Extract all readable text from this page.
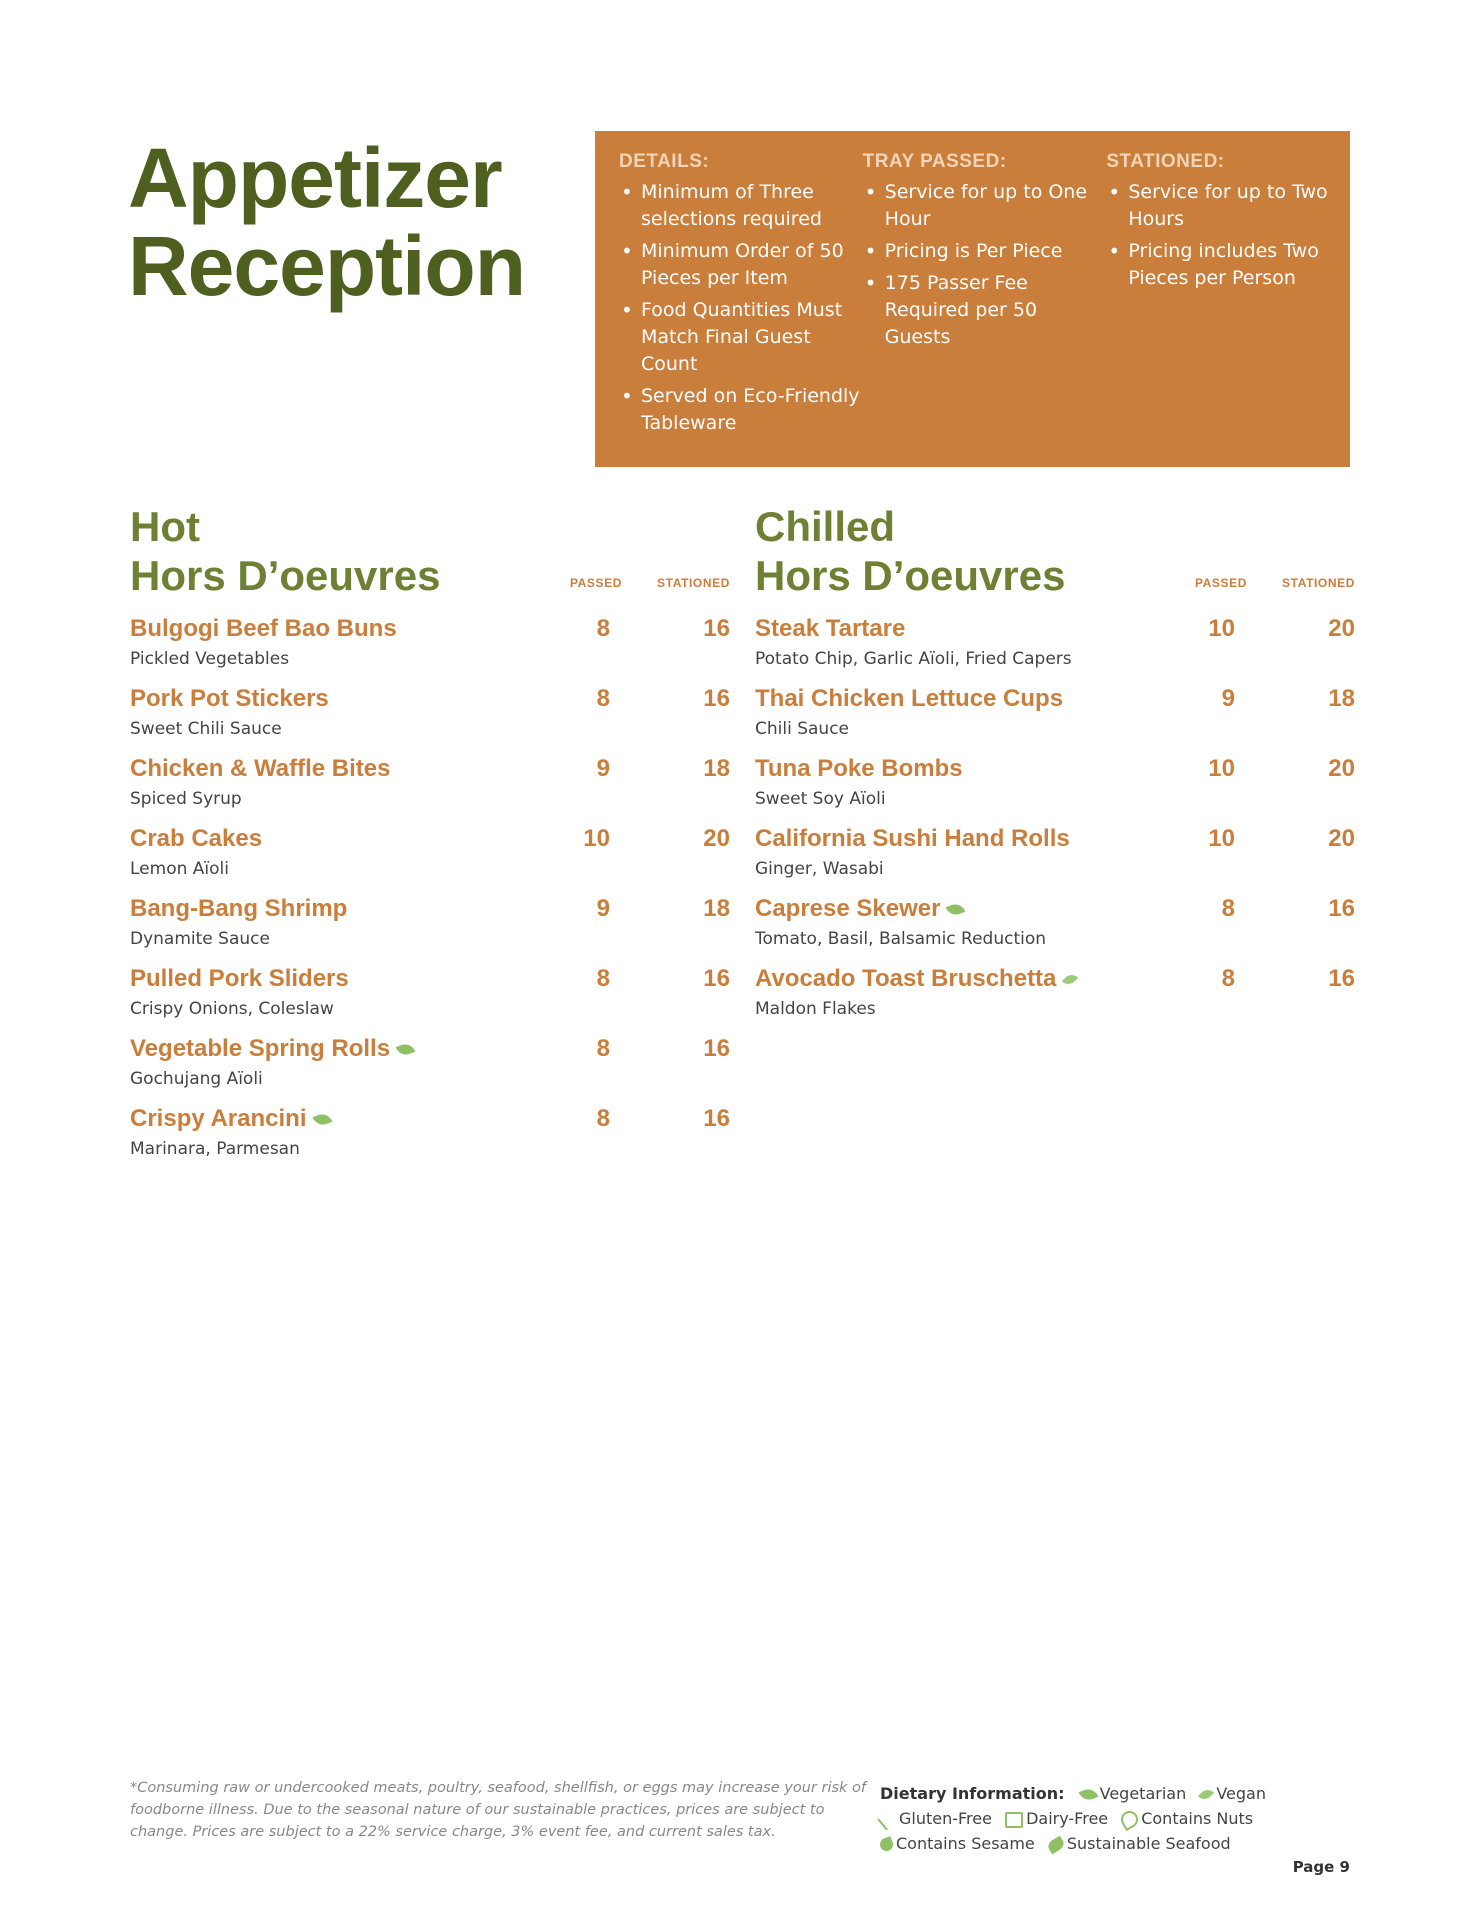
Appetizer
Reception
DETAILS:
• Minimum of Three selections required
• Minimum Order of 50 Pieces per Item
• Food Quantities Must Match Final Guest Count
• Served on Eco-Friendly Tableware
TRAY PASSED:
• Service for up to One Hour
• Pricing is Per Piece
• 175 Passer Fee Required per 50 Guests
STATIONED:
• Service for up to Two Hours
• Pricing includes Two Pieces per Person
Hot
Hors D’oeuvres	PASSED	STATIONED
Bulgogi Beef Bao Buns
Pickled Vegetables
8	16
Pork Pot Stickers
Sweet Chili Sauce
8	16
Chicken & Waffle Bites
Spiced Syrup
9	18
Crab Cakes
Lemon Aïoli
10	20
Bang-Bang Shrimp
Dynamite Sauce
9	18
Pulled Pork Sliders
Crispy Onions, Coleslaw
8	16
Vegetable Spring Rolls
Gochujang Aïoli
8	16
Crispy Arancini
Marinara, Parmesan
8	16
Chilled
Hors D’oeuvres	PASSED	STATIONED
Steak Tartare
Potato Chip, Garlic Aïoli, Fried Capers
10	20
Thai Chicken Lettuce Cups
Chili Sauce
9	18
Tuna Poke Bombs
Sweet Soy Aïoli
10	20
California Sushi Hand Rolls
Ginger, Wasabi
10	20
Caprese Skewer
Tomato, Basil, Balsamic Reduction
8	16
Avocado Toast Bruschetta
Maldon Flakes
8	16

*Consuming raw or undercooked meats, poultry, seafood, shellfish, or eggs may increase your risk of foodborne illness. Due to the seasonal nature of our sustainable practices, prices are subject to change. Prices are subject to a 22% service charge, 3% event fee, and current sales tax.

Dietary Information: Vegetarian Vegan Gluten-Free Dairy-Free Contains Nuts Contains Sesame Sustainable Seafood
Page 9
